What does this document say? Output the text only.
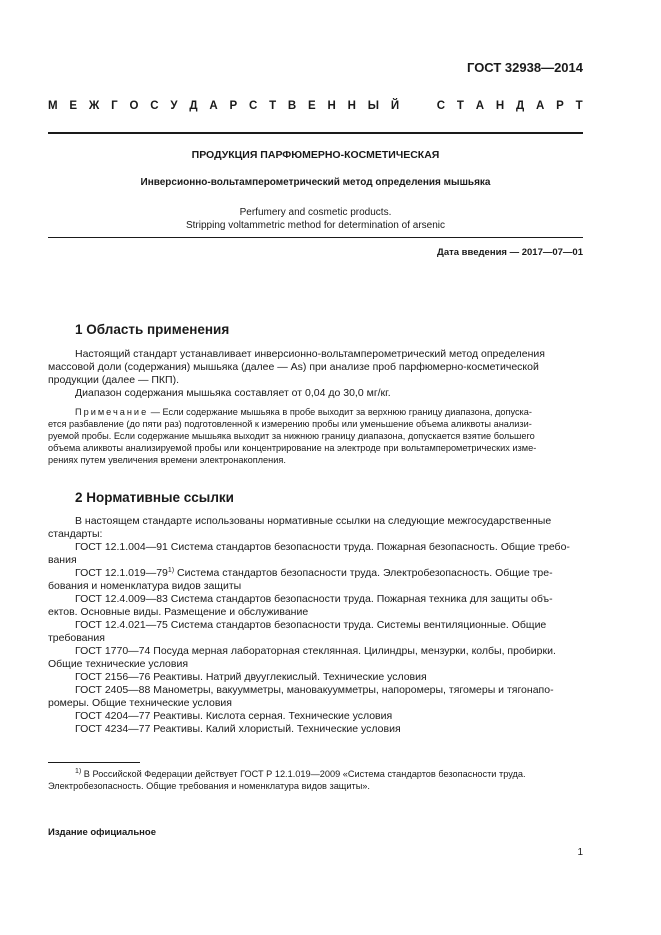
ГОСТ 32938—2014
М Е Ж Г О С У Д А Р С Т В Е Н Н Ы Й	С Т А Н Д А Р Т
ПРОДУКЦИЯ ПАРФЮМЕРНО-КОСМЕТИЧЕСКАЯ
Инверсионно-вольтамперометрический метод определения мышьяка
Perfumery and cosmetic products.
Stripping voltammetric method for determination of arsenic
Дата введения — 2017—07—01
1 Область применения
Настоящий стандарт устанавливает инверсионно-вольтамперометрический метод определения
массовой доли (содержания) мышьяка (далее — As) при анализе проб парфюмерно-косметической
продукции (далее — ПКП).
Диапазон содержания мышьяка составляет от 0,04 до 30,0 мг/кг.
Примечание — Если содержание мышьяка в пробе выходит за верхнюю границу диапазона, допуска-
ется разбавление (до пяти раз) подготовленной к измерению пробы или уменьшение объема аликвоты анализи-
руемой пробы. Если содержание мышьяка выходит за нижнюю границу диапазона, допускается взятие большего
объема аликвоты анализируемой пробы или концентрирование на электроде при вольтамперометрических изме-
рениях путем увеличения времени электронакопления.
2 Нормативные ссылки
В настоящем стандарте использованы нормативные ссылки на следующие межгосударственные
стандарты:
ГОСТ 12.1.004—91 Система стандартов безопасности труда. Пожарная безопасность. Общие требо-
вания
ГОСТ 12.1.019—79$^{1)}$ Система стандартов безопасности труда. Электробезопасность. Общие тре-
бования и номенклатура видов защиты
ГОСТ 12.4.009—83 Система стандартов безопасности труда. Пожарная техника для защиты объ-
ектов. Основные виды. Размещение и обслуживание
ГОСТ 12.4.021—75 Система стандартов безопасности труда. Системы вентиляционные. Общие
требования
ГОСТ 1770—74 Посуда мерная лабораторная стеклянная. Цилиндры, мензурки, колбы, пробирки.
Общие технические условия
ГОСТ 2156—76 Реактивы. Натрий двууглекислый. Технические условия
ГОСТ 2405—88 Манометры, вакуумметры, мановакуумметры, напоромеры, тягомеры и тягонапо-
ромеры. Общие технические условия
ГОСТ 4204—77 Реактивы. Кислота серная. Технические условия
ГОСТ 4234—77 Реактивы. Калий хлористый. Технические условия
$^{1)}$ В Российской Федерации действует ГОСТ Р 12.1.019—2009 «Система стандартов безопасности труда.
Электробезопасность. Общие требования и номенклатура видов защиты».
Издание официальное
1
